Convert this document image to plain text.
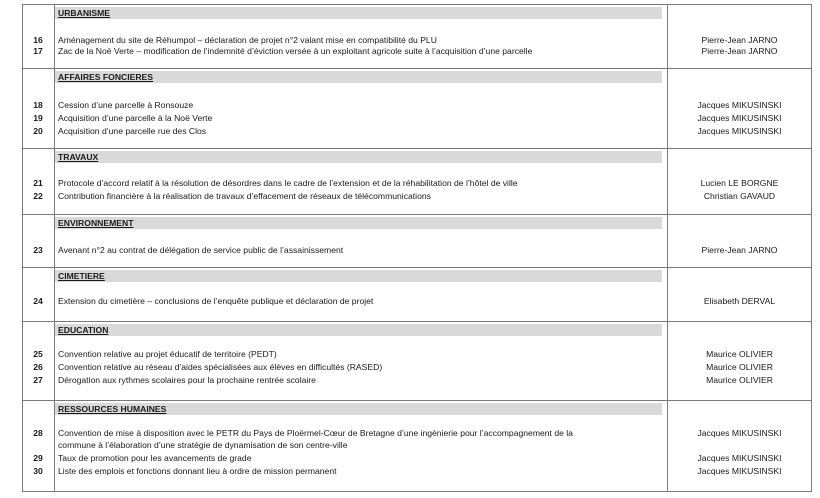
URBANISME
16	Aménagement du site de Réhumpol – déclaration de projet n°2 valant mise en compatibilité du PLU	Pierre-Jean JARNO
17	Zac de la Noë Verte – modification de l’indemnité d’éviction versée à un exploitant agricole suite à l’acquisition d’une parcelle	Pierre-Jean JARNO
AFFAIRES FONCIERES
18	Cession d’une parcelle à Ronsouze	Jacques MIKUSINSKI
19	Acquisition d’une parcelle à la Noë Verte	Jacques MIKUSINSKI
20	Acquisition d’une parcelle rue des Clos	Jacques MIKUSINSKI
TRAVAUX
21	Protocole d’accord relatif à la résolution de désordres dans le cadre de l’extension et de la réhabilitation de l’hôtel de ville	Lucien LE BORGNE
22	Contribution financière à la réalisation de travaux d’effacement de réseaux de télécommunications	Christian GAVAUD
ENVIRONNEMENT
23	Avenant n°2 au contrat de délégation de service public de l’assainissement	Pierre-Jean JARNO
CIMETIERE
24	Extension du cimetière – conclusions de l’enquête publique et déclaration de projet	Elisabeth DERVAL
EDUCATION
25	Convention relative au projet éducatif de territoire (PEDT)	Maurice OLIVIER
26	Convention relative au réseau d’aides spécialisées aux élèves en difficultés (RASED)	Maurice OLIVIER
27	Dérogation aux rythmes scolaires pour la prochaine rentrée scolaire	Maurice OLIVIER
RESSOURCES HUMAINES
28	Convention de mise à disposition avec le PETR du Pays de Ploërmel-Cœur de Bretagne d’une ingénierie pour l’accompagnement de la	Jacques MIKUSINSKI
commune à l’élaboration d’une stratégie de dynamisation de son centre-ville
29	Taux de promotion pour les avancements de grade	Jacques MIKUSINSKI
30	Liste des emplois et fonctions donnant lieu à ordre de mission permanent	Jacques MIKUSINSKI
